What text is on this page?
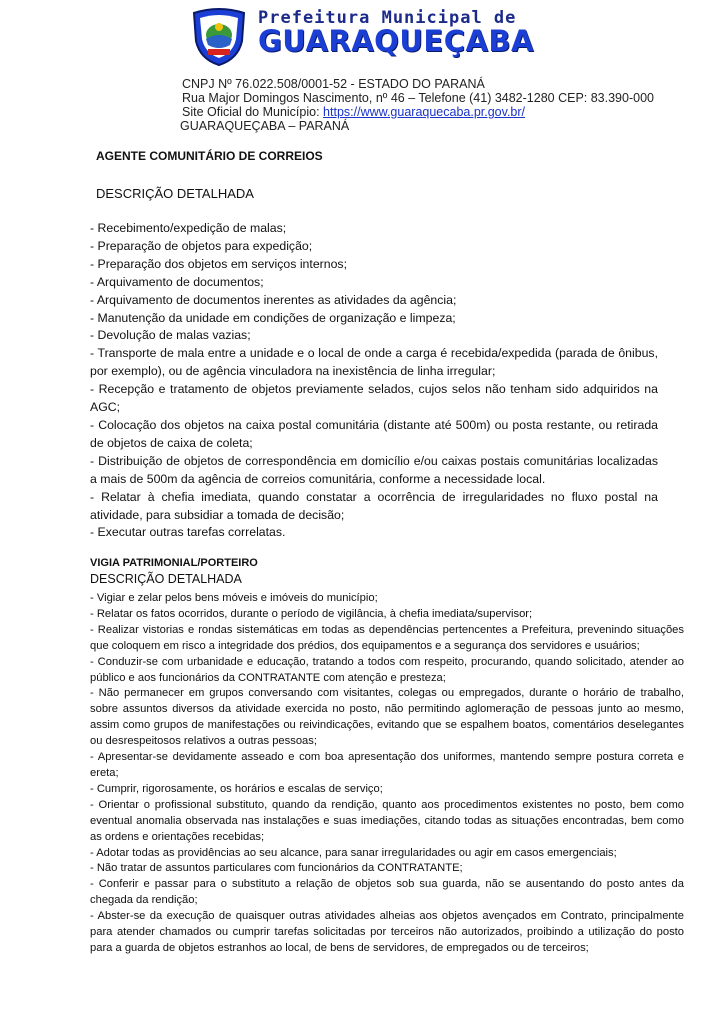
Prefeitura Municipal de
GUARAQUEÇABA
CNPJ Nº 76.022.508/0001-52 - ESTADO DO PARANÁ
Rua Major Domingos Nascimento, nº 46 – Telefone (41) 3482-1280 CEP: 83.390-000
Site Oficial do Município: https://www.guaraquecaba.pr.gov.br/
GUARAQUEÇABA – PARANÁ
AGENTE COMUNITÁRIO DE CORREIOS
DESCRIÇÃO DETALHADA

- Recebimento/expedição de malas;

- Preparação de objetos para expedição;

- Preparação dos objetos em serviços internos;

- Arquivamento de documentos;

- Arquivamento de documentos inerentes as atividades da agência;

- Manutenção da unidade em condições de organização e limpeza;

- Devolução de malas vazias;

- Transporte de mala entre a unidade e o local de onde a carga é recebida/expedida (parada de ônibus, por exemplo), ou de agência vinculadora na inexistência de linha irregular;

- Recepção e tratamento de objetos previamente selados, cujos selos não tenham sido adquiridos na AGC;

- Colocação dos objetos na caixa postal comunitária (distante até 500m) ou posta restante, ou retirada de objetos de caixa de coleta;

- Distribuição de objetos de correspondência em domicílio e/ou caixas postais comunitárias localizadas a mais de 500m da agência de correios comunitária, conforme a necessidade local.

- Relatar à chefia imediata, quando constatar a ocorrência de irregularidades no fluxo postal na atividade, para subsidiar a tomada de decisão;

- Executar outras tarefas correlatas.

VIGIA PATRIMONIAL/PORTEIRO
DESCRIÇÃO DETALHADA

- Vigiar e zelar pelos bens móveis e imóveis do município;

- Relatar os fatos ocorridos, durante o período de vigilância, à chefia imediata/supervisor;

- Realizar vistorias e rondas sistemáticas em todas as dependências pertencentes a Prefeitura, prevenindo situações que coloquem em risco a integridade dos prédios, dos equipamentos e a segurança dos servidores e usuários;

- Conduzir-se com urbanidade e educação, tratando a todos com respeito, procurando, quando solicitado, atender ao público e aos funcionários da CONTRATANTE com atenção e presteza;

- Não permanecer em grupos conversando com visitantes, colegas ou empregados, durante o horário de trabalho, sobre assuntos diversos da atividade exercida no posto, não permitindo aglomeração de pessoas junto ao mesmo, assim como grupos de manifestações ou reivindicações, evitando que se espalhem boatos, comentários deselegantes ou desrespeitosos relativos a outras pessoas;

- Apresentar-se devidamente asseado e com boa apresentação dos uniformes, mantendo sempre postura correta e ereta;

- Cumprir, rigorosamente, os horários e escalas de serviço;

- Orientar o profissional substituto, quando da rendição, quanto aos procedimentos existentes no posto, bem como eventual anomalia observada nas instalações e suas imediações, citando todas as situações encontradas, bem como as ordens e orientações recebidas;

- Adotar todas as providências ao seu alcance, para sanar irregularidades ou agir em casos emergenciais;

- Não tratar de assuntos particulares com funcionários da CONTRATANTE;

- Conferir e passar para o substituto a relação de objetos sob sua guarda, não se ausentando do posto antes da chegada da rendição;

- Abster-se da execução de quaisquer outras atividades alheias aos objetos avençados em Contrato, principalmente para atender chamados ou cumprir tarefas solicitadas por terceiros não autorizados, proibindo a utilização do posto para a guarda de objetos estranhos ao local, de bens de servidores, de empregados ou de terceiros;
